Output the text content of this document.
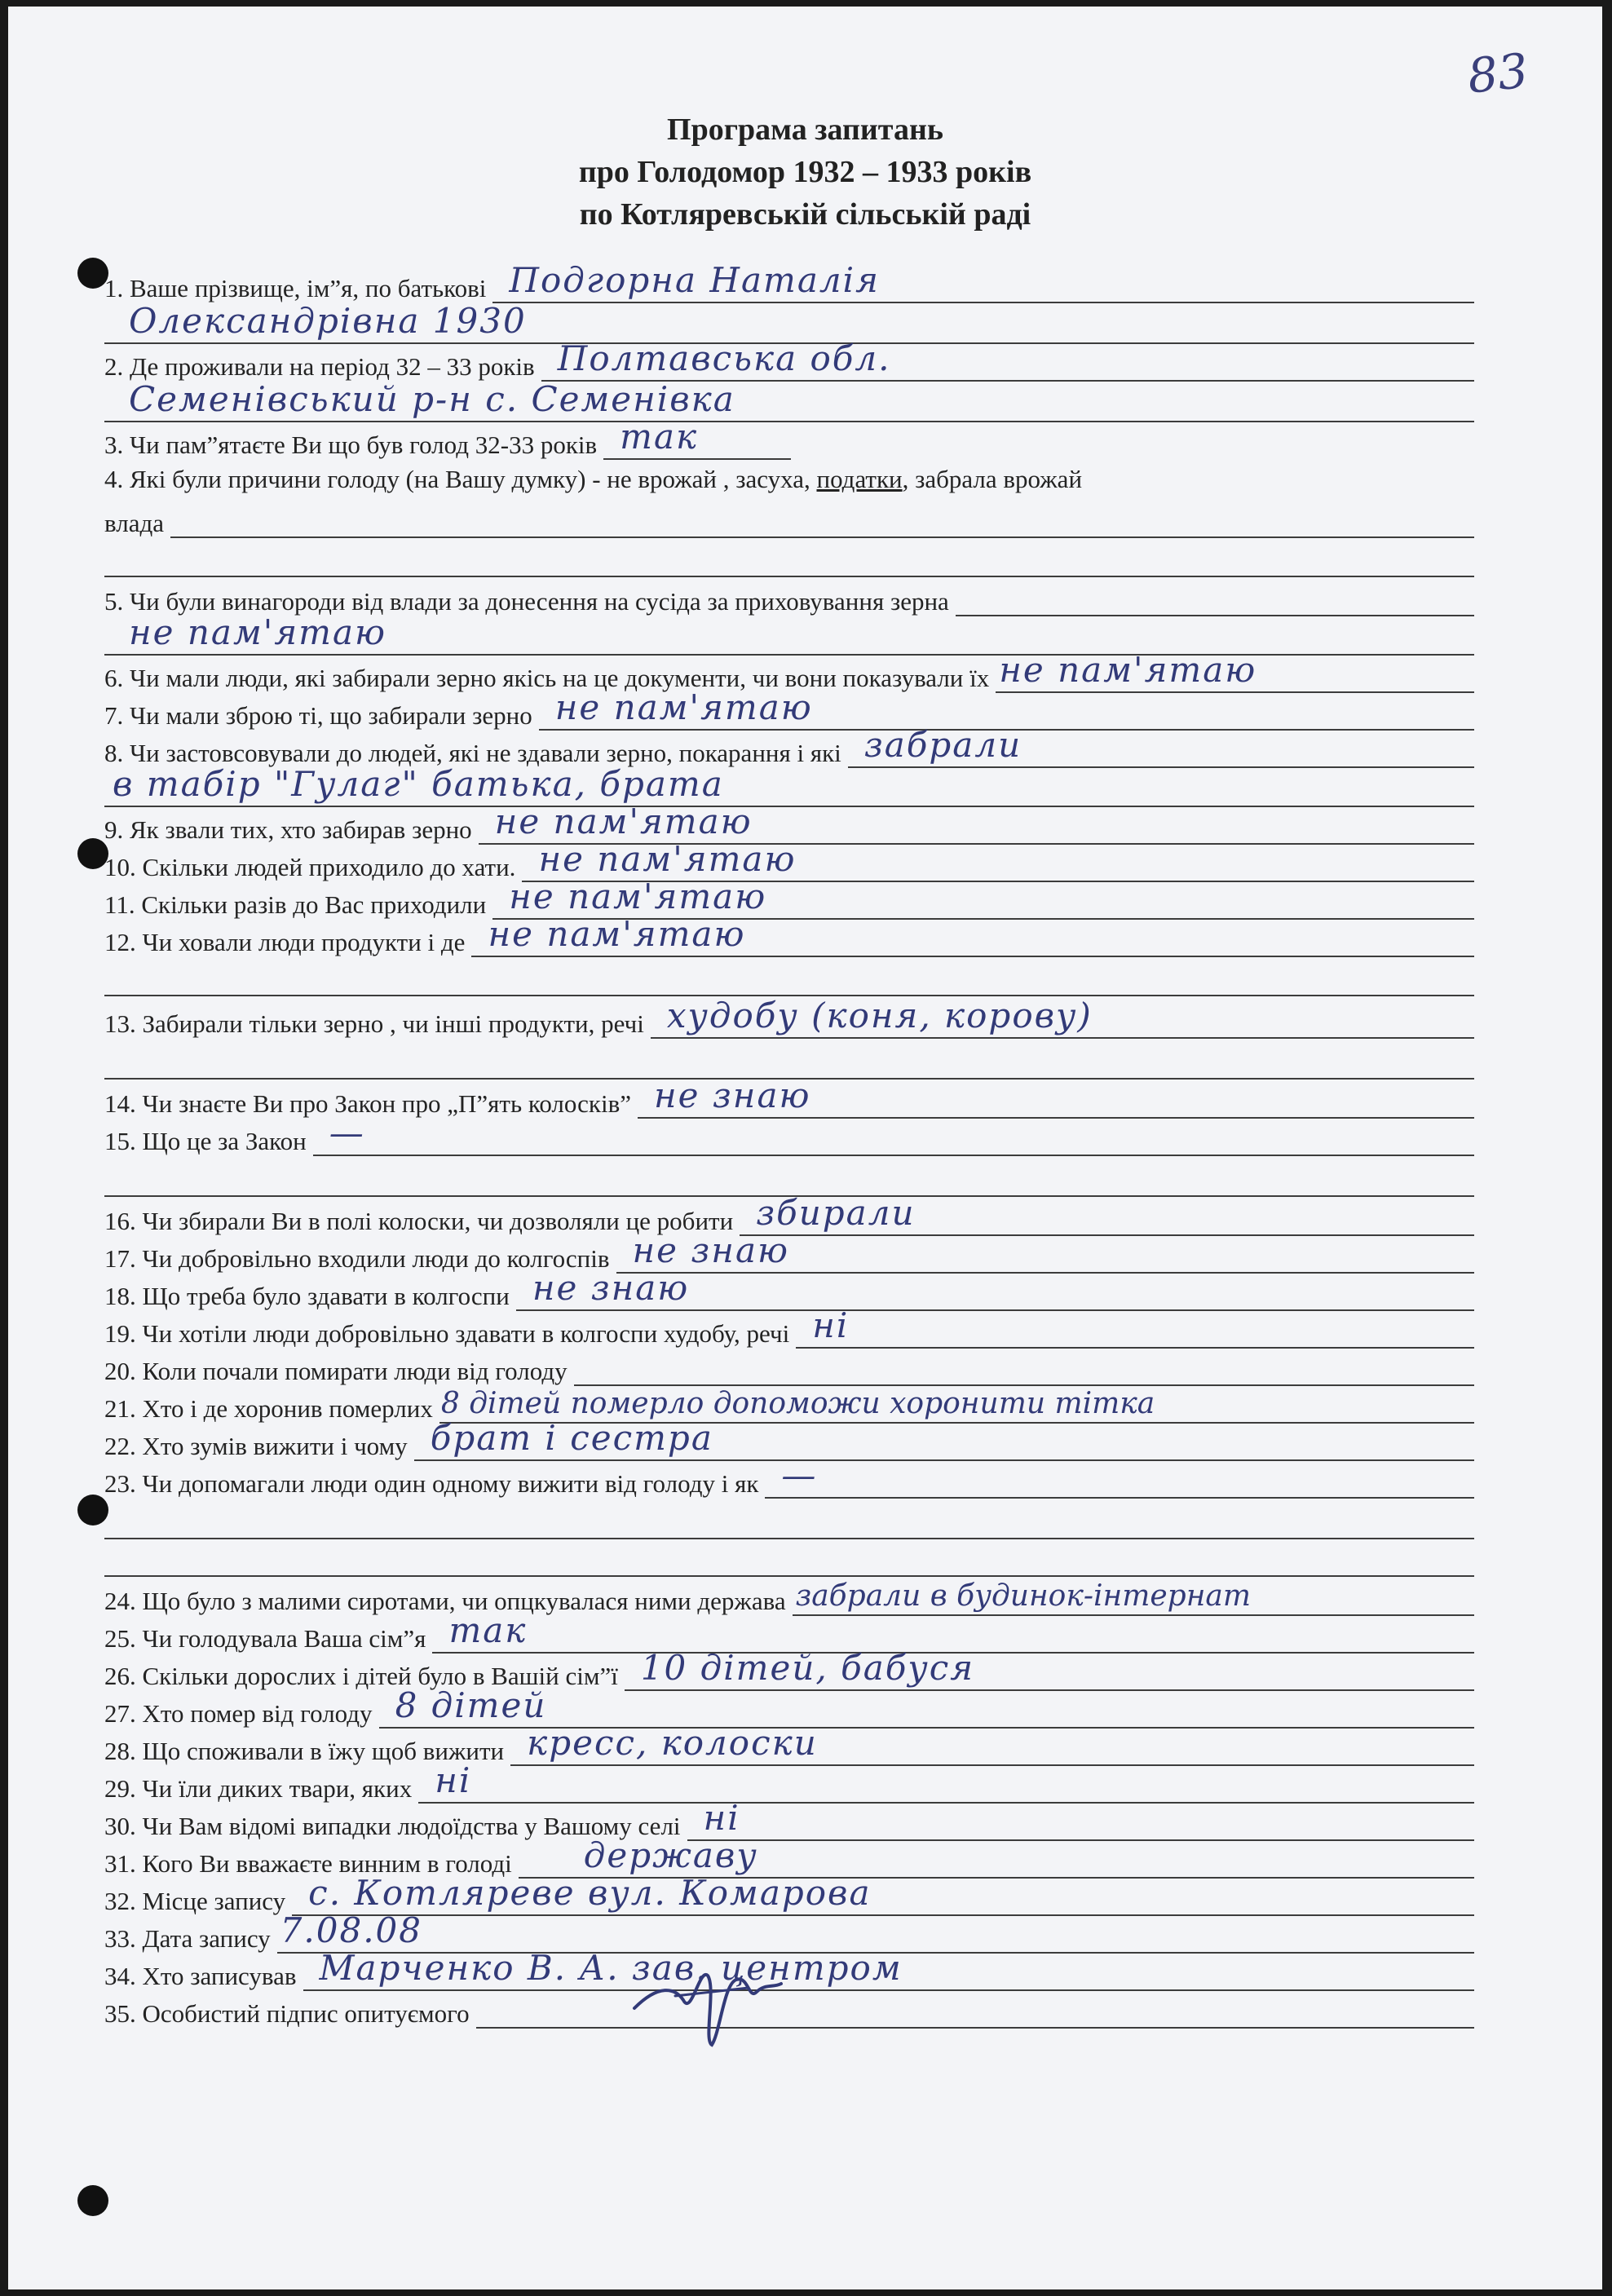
83
Програма запитань
про Голодомор 1932 – 1933 років
по Котляревській сільській раді
1. Ваше прізвище, ім”я, по батькові Подгорна Наталія
Олександрівна 1930
2. Де проживали на період 32 – 33 років Полтавська обл.
Семенівський р-н с. Семенівка
3. Чи пам”ятаєте Ви що був голод 32-33 років так
4. Які були причини голоду (на Вашу думку) - не врожай , засуха, податки, забрала врожай
влада
5. Чи були винагороди від влади за донесення на сусіда за приховування зерна
не пам'ятаю
6. Чи мали люди, які забирали зерно якісь на це документи, чи вони показували їх не пам'ятаю
7. Чи мали зброю ті, що забирали зерно не пам'ятаю
8. Чи застовсовували до людей, які не здавали зерно, покарання і які забрали
в табір "Гулаг" батька, брата
9. Як звали тих, хто забирав зерно не пам'ятаю
10. Скільки людей приходило до хати. не пам'ятаю
11. Скільки разів до Вас приходили не пам'ятаю
12. Чи ховали люди продукти і де не пам'ятаю
13. Забирали тільки зерно , чи інші продукти, речі худобу (коня, корову)
14. Чи знаєте Ви про Закон про „П”ять колосків” не знаю
15. Що це за Закон —
16. Чи збирали Ви в полі колоски, чи дозволяли це робити збирали
17. Чи добровільно входили люди до колгоспів не знаю
18. Що треба було здавати в колгоспи не знаю
19. Чи хотіли люди добровільно здавати в колгоспи худобу, речі ні
20. Коли почали помирати люди від голоду
21. Хто і де хоронив померлих 8 дітей померло допоможи хоронити тітка
22. Хто зумів вижити і чому брат і сестра
23. Чи допомагали люди один одному вижити від голоду і як —
24. Що було з малими сиротами, чи опцкувалася ними держава забрали в будинок-інтернат
25. Чи голодувала Ваша сім”я так
26. Скільки дорослих і дітей було в Вашій сім”ї 10 дітей, бабуся
27. Хто помер від голоду 8 дітей
28. Що споживали в їжу щоб вижити кресс, колоски
29. Чи їли диких твари, яких ні
30. Чи Вам відомі випадки людоїдства у Вашому селі ні
31. Кого Ви вважаєте винним в голоді державу
32. Місце запису с. Котляреве вул. Комарова
33. Дата запису 7.08.08
34. Хто записував Марченко В. А. зав. центром
35. Особистий підпис опитуємого
